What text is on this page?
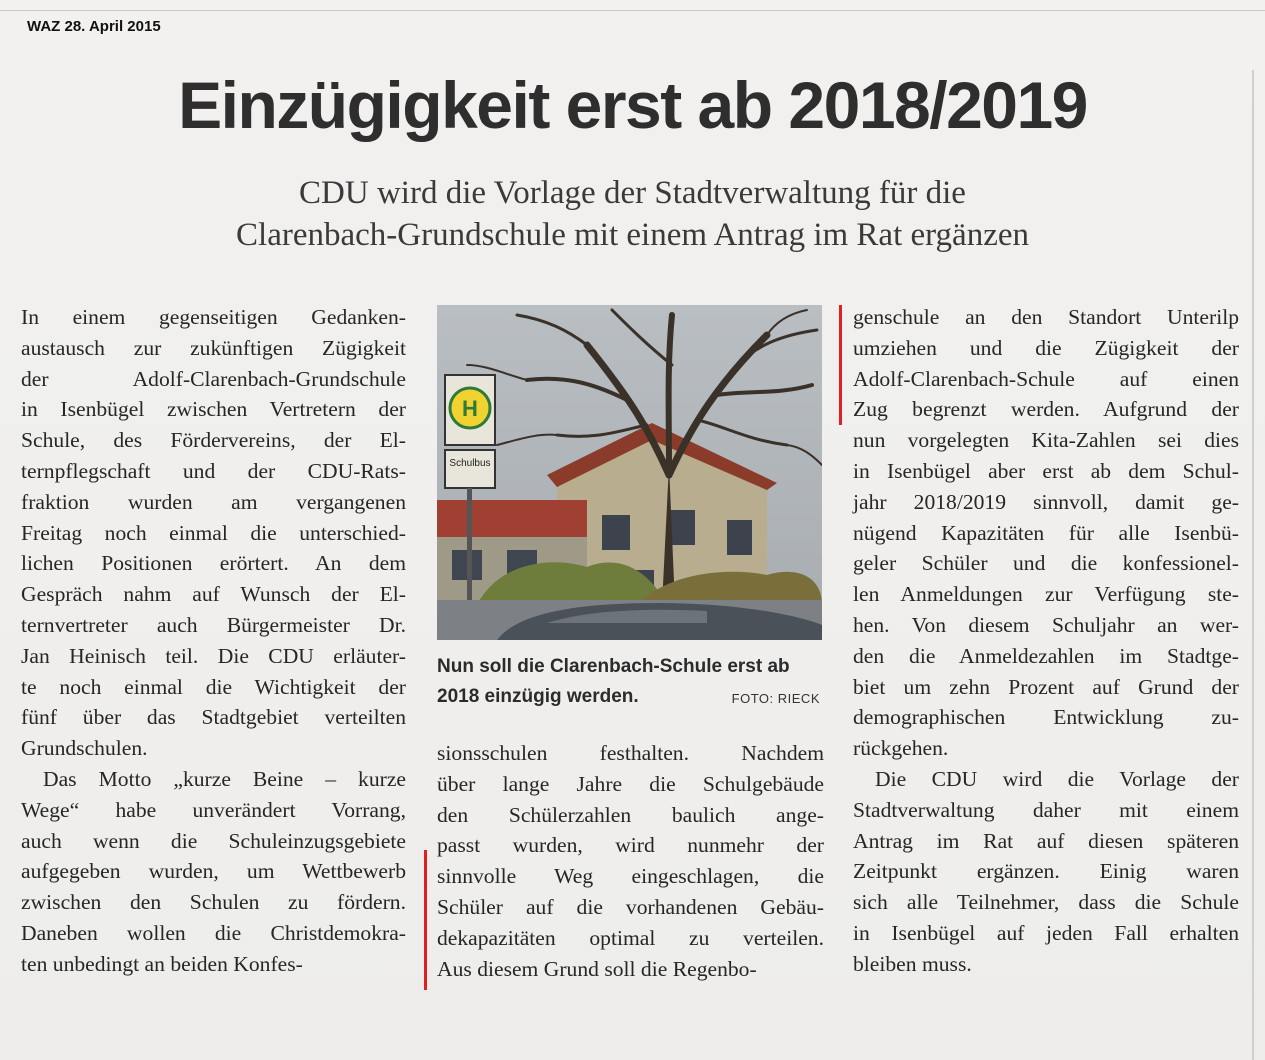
WAZ 28. April 2015
Einzügigkeit erst ab 2018/2019
CDU wird die Vorlage der Stadtverwaltung für die
Clarenbach-Grundschule mit einem Antrag im Rat ergänzen
In einem gegenseitigen Gedanken-
austausch zur zukünftigen Zügigkeit
der Adolf-Clarenbach-Grundschule
in Isenbügel zwischen Vertretern der
Schule, des Fördervereins, der El-
ternpflegschaft und der CDU-Rats-
fraktion wurden am vergangenen
Freitag noch einmal die unterschied-
lichen Positionen erörtert. An dem
Gespräch nahm auf Wunsch der El-
ternvertreter auch Bürgermeister Dr.
Jan Heinisch teil. Die CDU erläuter-
te noch einmal die Wichtigkeit der
fünf über das Stadtgebiet verteilten
Grundschulen.
Das Motto „kurze Beine – kurze
Wege“ habe unverändert Vorrang,
auch wenn die Schuleinzugsgebiete
aufgegeben wurden, um Wettbewerb
zwischen den Schulen zu fördern.
Daneben wollen die Christdemokra-
ten unbedingt an beiden Konfes-
H
Schulbus
Nun soll die Clarenbach-Schule erst ab
2018 einzügig werden.	FOTO: RIECK
sionsschulen festhalten. Nachdem
über lange Jahre die Schulgebäude
den Schülerzahlen baulich ange-
passt wurden, wird nunmehr der
sinnvolle Weg eingeschlagen, die
Schüler auf die vorhandenen Gebäu-
dekapazitäten optimal zu verteilen.
Aus diesem Grund soll die Regenbo-
genschule an den Standort Unterilp
umziehen und die Zügigkeit der
Adolf-Clarenbach-Schule auf einen
Zug begrenzt werden. Aufgrund der
nun vorgelegten Kita-Zahlen sei dies
in Isenbügel aber erst ab dem Schul-
jahr 2018/2019 sinnvoll, damit ge-
nügend Kapazitäten für alle Isenbü-
geler Schüler und die konfessionel-
len Anmeldungen zur Verfügung ste-
hen. Von diesem Schuljahr an wer-
den die Anmeldezahlen im Stadtge-
biet um zehn Prozent auf Grund der
demographischen Entwicklung zu-
rückgehen.
Die CDU wird die Vorlage der
Stadtverwaltung daher mit einem
Antrag im Rat auf diesen späteren
Zeitpunkt ergänzen. Einig waren
sich alle Teilnehmer, dass die Schule
in Isenbügel auf jeden Fall erhalten
bleiben muss.
